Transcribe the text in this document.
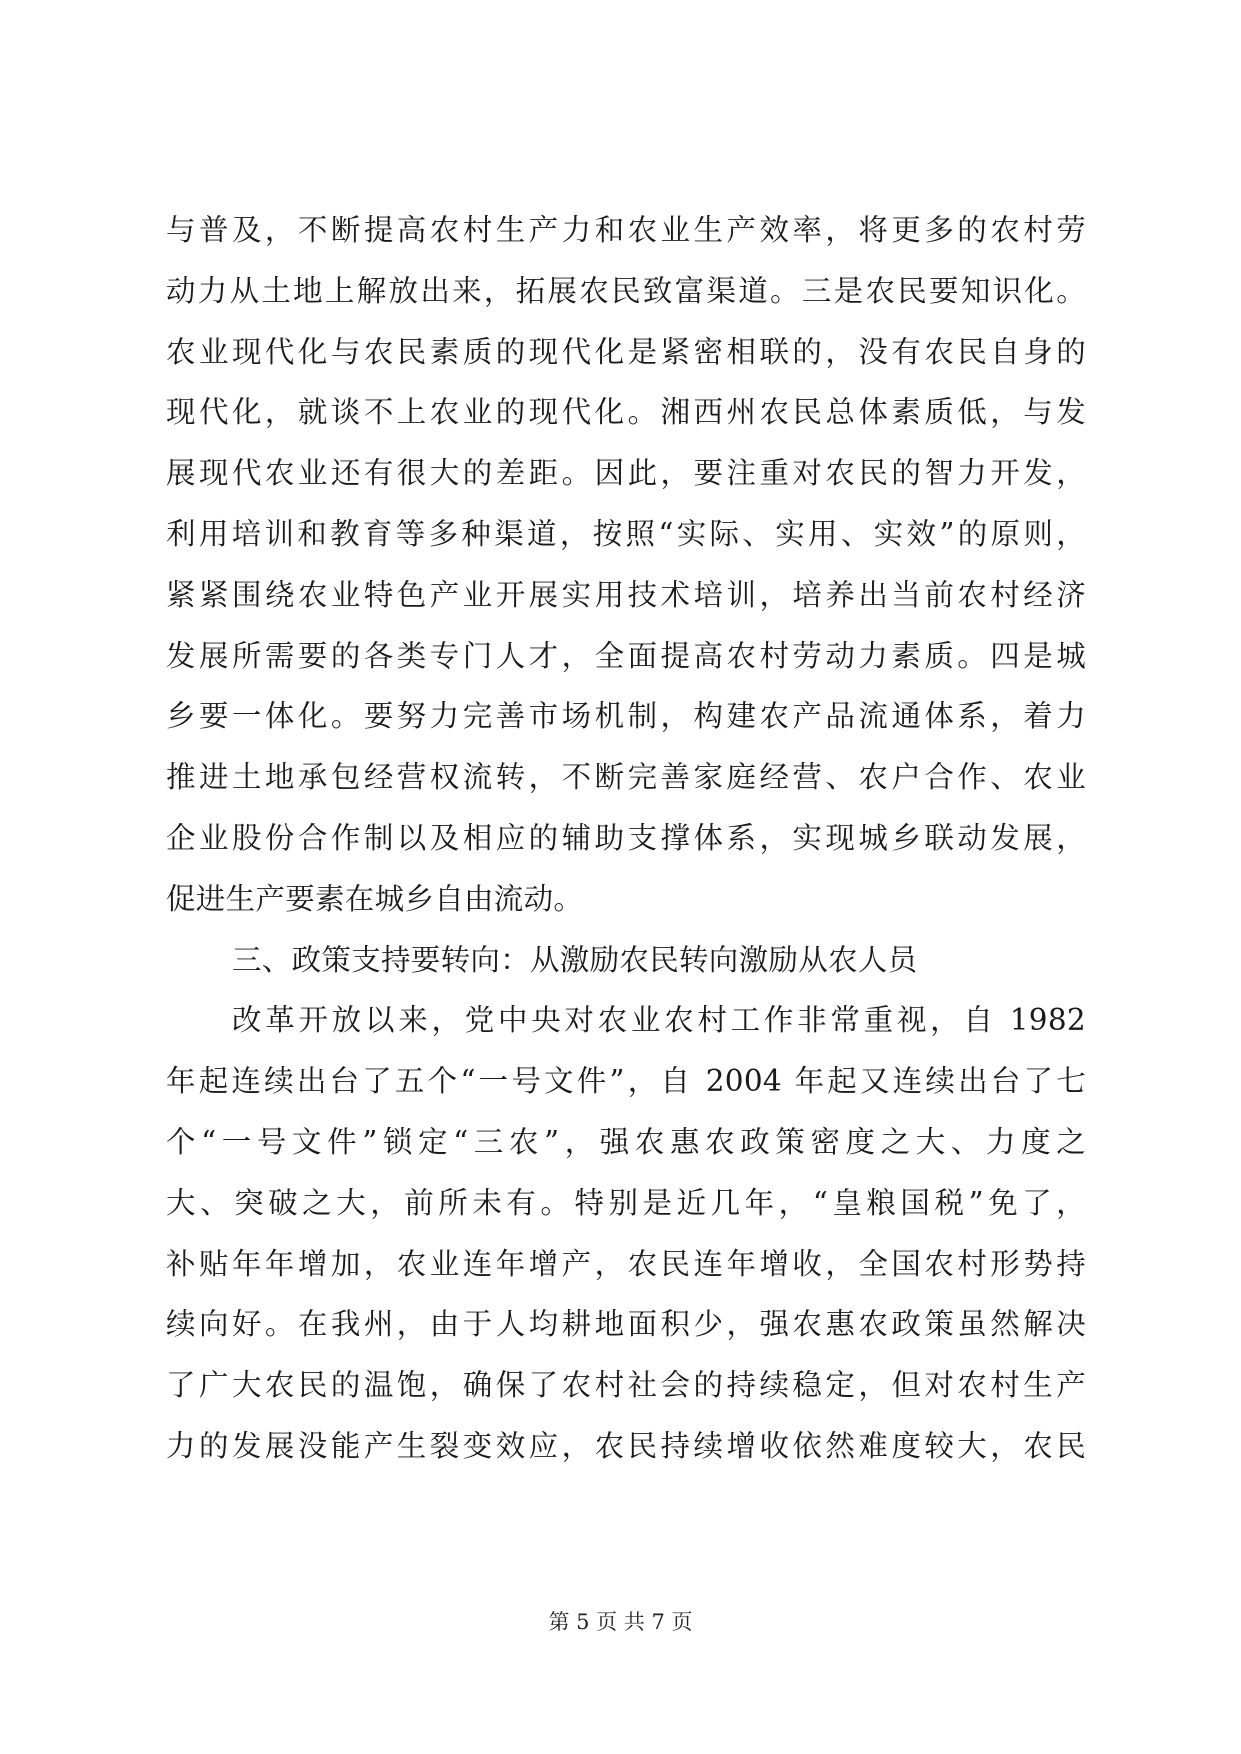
与普及，不断提高农村生产力和农业生产效率，将更多的农村劳
动力从土地上解放出来，拓展农民致富渠道。三是农民要知识化。
农业现代化与农民素质的现代化是紧密相联的，没有农民自身的
现代化，就谈不上农业的现代化。湘西州农民总体素质低，与发
展现代农业还有很大的差距。因此，要注重对农民的智力开发，
利用培训和教育等多种渠道，按照“实际、实用、实效”的原则，
紧紧围绕农业特色产业开展实用技术培训，培养出当前农村经济
发展所需要的各类专门人才，全面提高农村劳动力素质。四是城
乡要一体化。要努力完善市场机制，构建农产品流通体系，着力
推进土地承包经营权流转，不断完善家庭经营、农户合作、农业
企业股份合作制以及相应的辅助支撑体系，实现城乡联动发展，
促进生产要素在城乡自由流动。
三、政策支持要转向：从激励农民转向激励从农人员
改革开放以来，党中央对农业农村工作非常重视，自 1982
年起连续出台了五个“一号文件”，自 2004 年起又连续出台了七
个“一号文件”锁定“三农”，强农惠农政策密度之大、力度之
大、突破之大，前所未有。特别是近几年，“皇粮国税”免了，
补贴年年增加，农业连年增产，农民连年增收，全国农村形势持
续向好。在我州，由于人均耕地面积少，强农惠农政策虽然解决
了广大农民的温饱，确保了农村社会的持续稳定，但对农村生产
力的发展没能产生裂变效应，农民持续增收依然难度较大，农民
第 5 页 共 7 页
